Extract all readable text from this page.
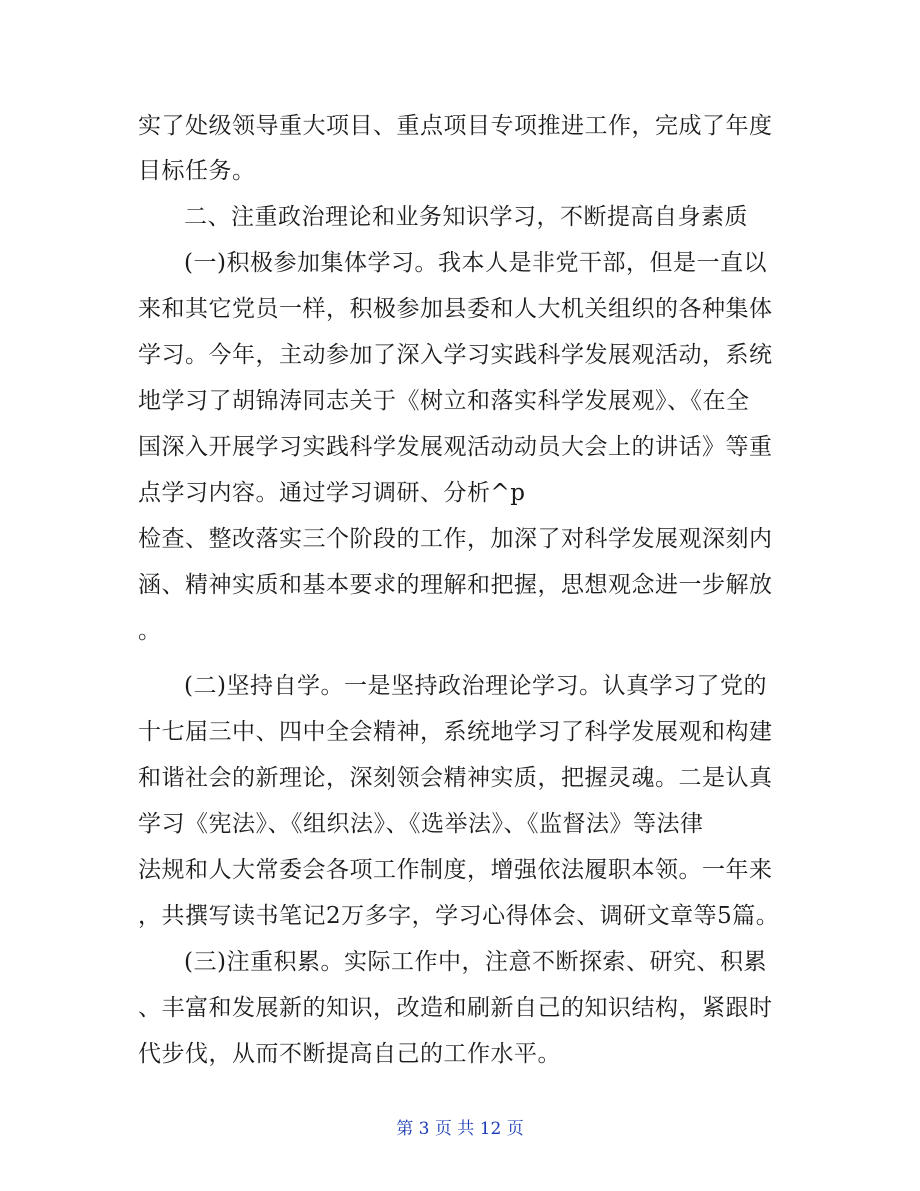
实了处级领导重大项目、重点项目专项推进工作，完成了年度
目标任务。
二、注重政治理论和业务知识学习，不断提高自身素质
(一)积极参加集体学习。我本人是非党干部，但是一直以
来和其它党员一样，积极参加县委和人大机关组织的各种集体
学习。今年，主动参加了深入学习实践科学发展观活动，系统
地学习了胡锦涛同志关于《树立和落实科学发展观》、《在全
国深入开展学习实践科学发展观活动动员大会上的讲话》等重
点学习内容。通过学习调研、分析^p
检查、整改落实三个阶段的工作，加深了对科学发展观深刻内
涵、精神实质和基本要求的理解和把握，思想观念进一步解放
。
(二)坚持自学。一是坚持政治理论学习。认真学习了党的
十七届三中、四中全会精神，系统地学习了科学发展观和构建
和谐社会的新理论，深刻领会精神实质，把握灵魂。二是认真
学习《宪法》、《组织法》、《选举法》、《监督法》等法律
法规和人大常委会各项工作制度，增强依法履职本领。一年来
，共撰写读书笔记2万多字，学习心得体会、调研文章等5篇。
(三)注重积累。实际工作中，注意不断探索、研究、积累
、丰富和发展新的知识，改造和刷新自己的知识结构，紧跟时
代步伐，从而不断提高自己的工作水平。
第 3 页 共 12 页
